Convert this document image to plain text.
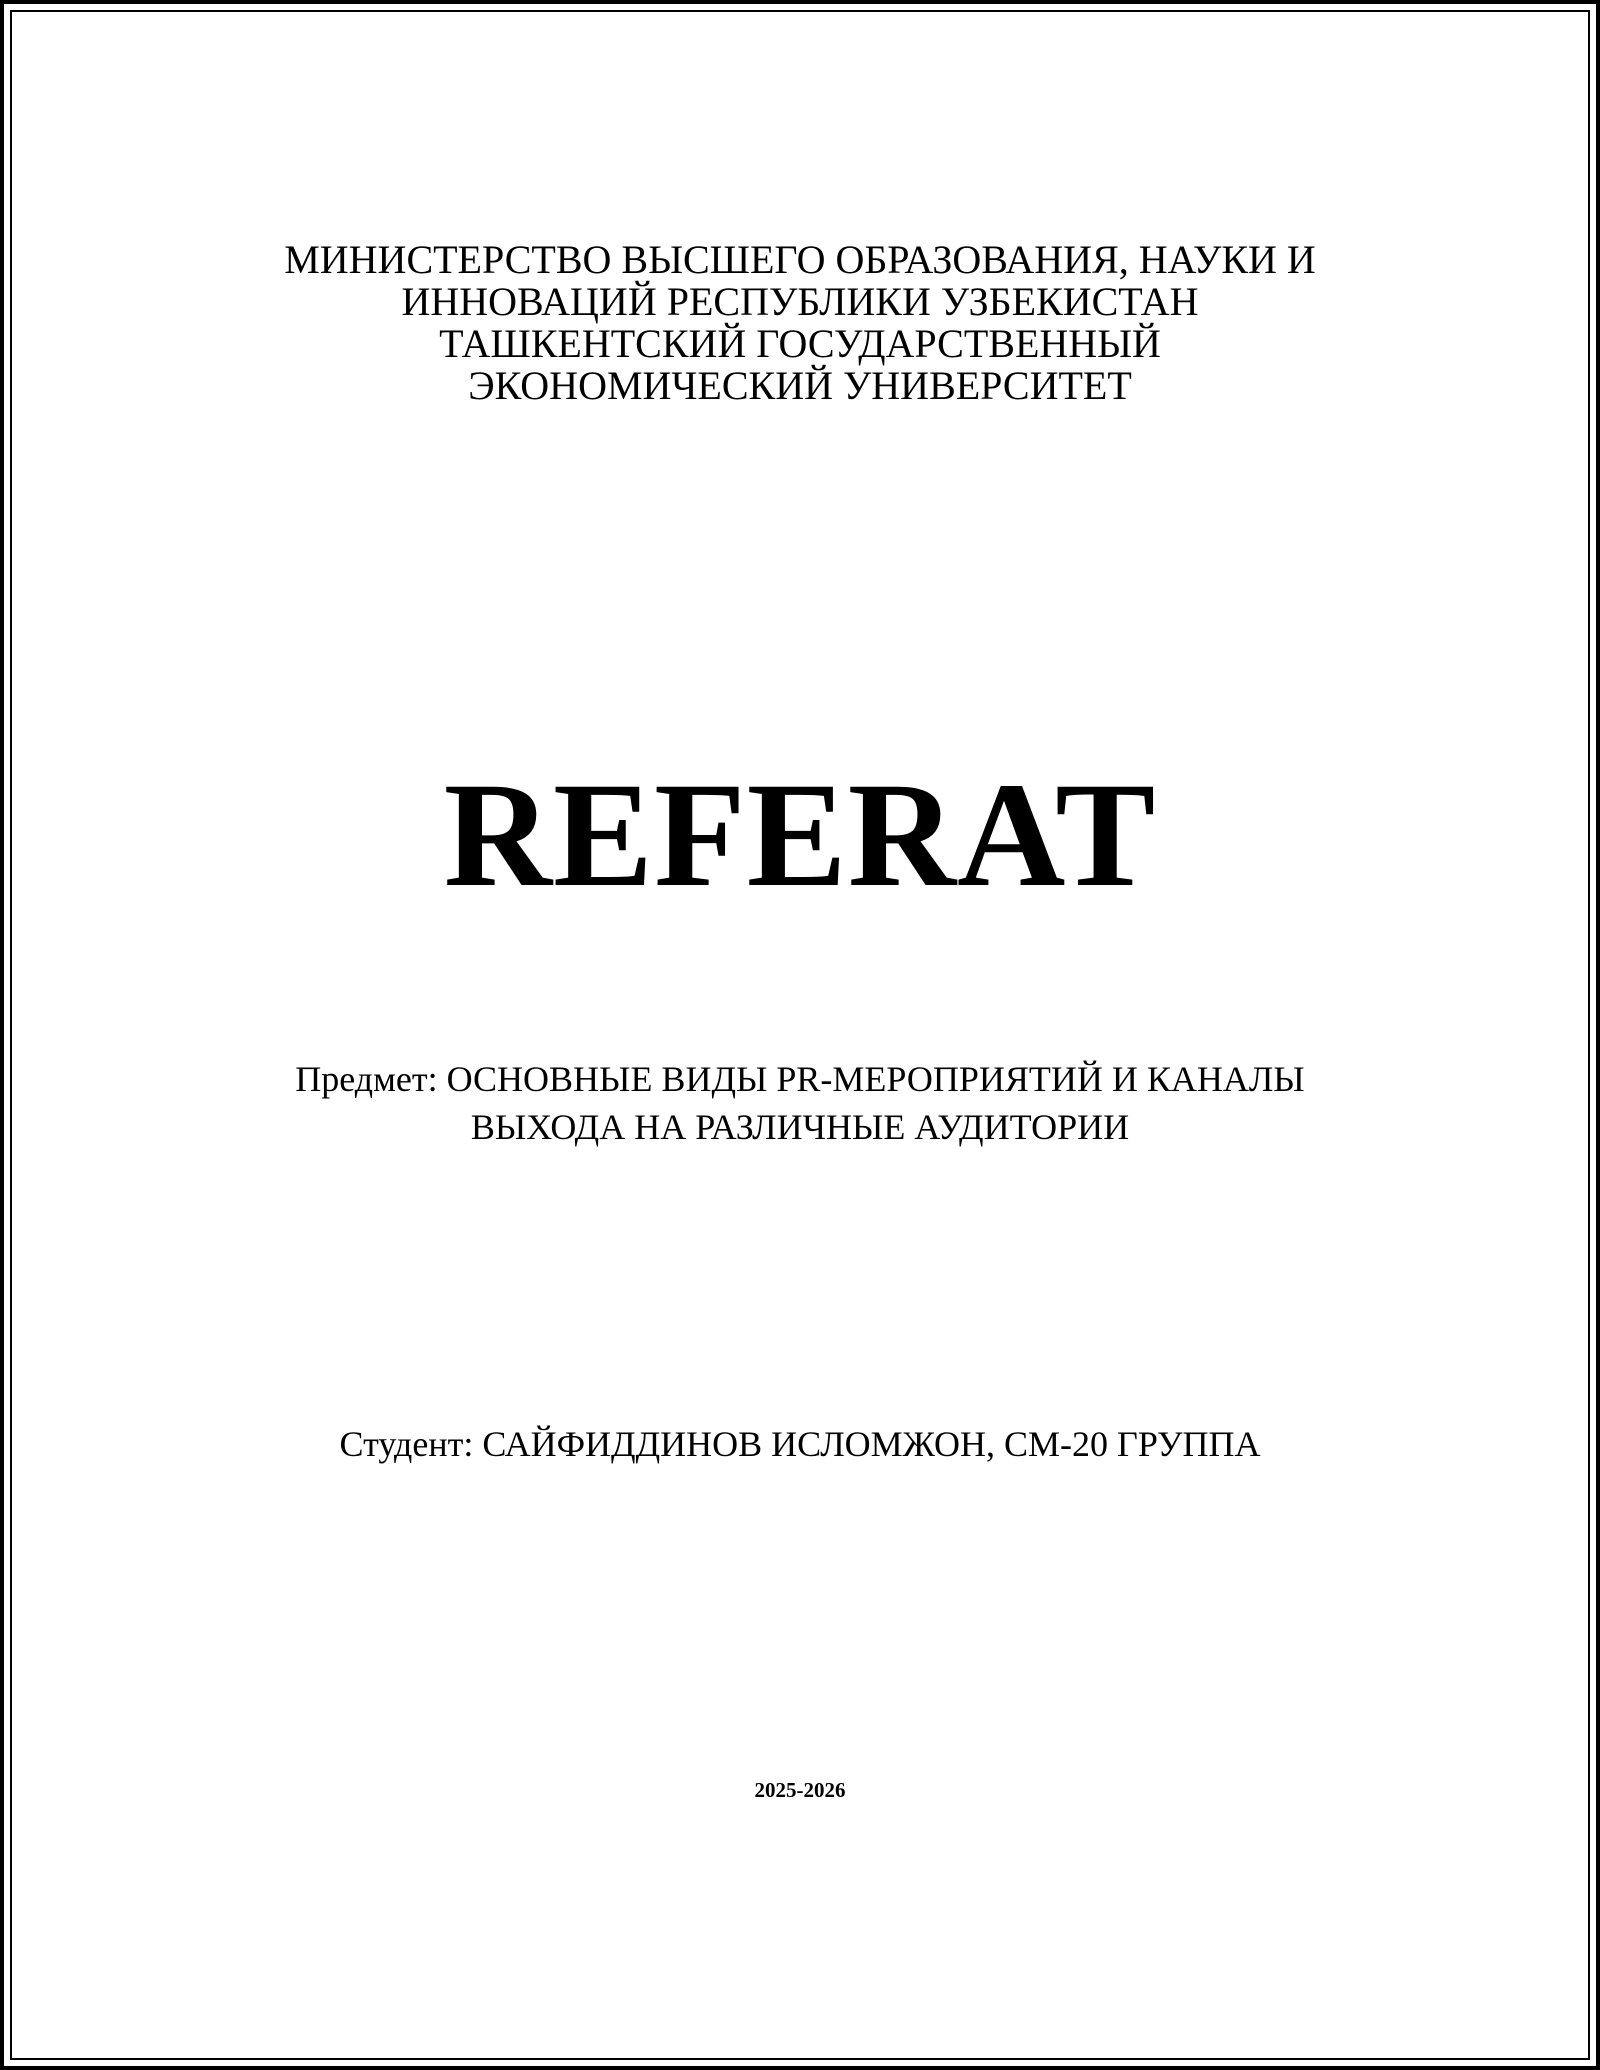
МИНИСТЕРСТВО ВЫСШЕГО ОБРАЗОВАНИЯ, НАУКИ И
ИННОВАЦИЙ РЕСПУБЛИКИ УЗБЕКИСТАН
ТАШКЕНТСКИЙ ГОСУДАРСТВЕННЫЙ
ЭКОНОМИЧЕСКИЙ УНИВЕРСИТЕТ
REFERAT
Предмет: ОСНОВНЫЕ ВИДЫ PR-МЕРОПРИЯТИЙ И КАНАЛЫ
ВЫХОДА НА РАЗЛИЧНЫЕ АУДИТОРИИ
Студент: САЙФИДДИНОВ ИСЛОМЖОН, СМ-20 ГРУППА
2025-2026
